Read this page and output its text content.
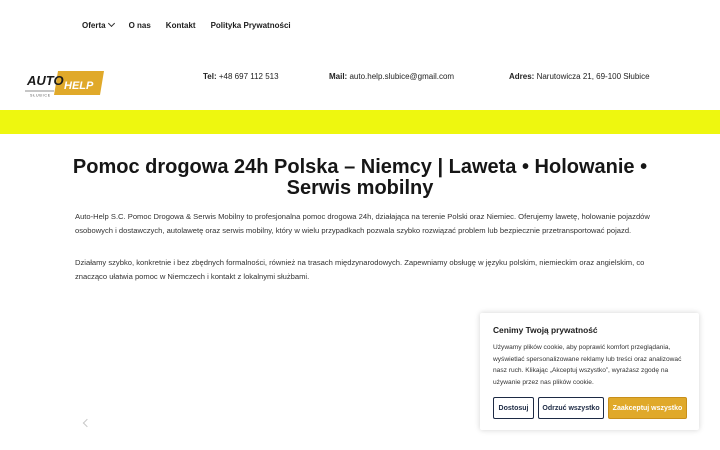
Oferta	O nas Kontakt Polityka Prywatności
AUTO HELP
SŁUBICE
Tel: +48 697 112 513	Mail: auto.help.slubice@gmail.com	Adres: Narutowicza 21, 69-100 Słubice
Pomoc drogowa 24h Polska – Niemcy | Laweta • Holowanie • Serwis mobilny

Auto-Help S.C. Pomoc Drogowa & Serwis Mobilny to profesjonalna pomoc drogowa 24h, działająca na terenie Polski oraz Niemiec. Oferujemy lawetę, holowanie pojazdów osobowych i dostawczych, autolawetę oraz serwis mobilny, który w wielu przypadkach pozwala szybko rozwiązać problem lub bezpiecznie przetransportować pojazd.

Działamy szybko, konkretnie i bez zbędnych formalności, również na trasach międzynarodowych. Zapewniamy obsługę w języku polskim, niemieckim oraz angielskim, co znacząco ułatwia pomoc w Niemczech i kontakt z lokalnymi służbami.

Cenimy Twoją prywatność

Używamy plików cookie, aby poprawić komfort przeglądania, wyświetlać spersonalizowane reklamy lub treści oraz analizować nasz ruch. Klikając „Akceptuj wszystko”, wyrażasz zgodę na używanie przez nas plików cookie.

Dostosuj	Odrzuć wszystko	Zaakceptuj wszystko
